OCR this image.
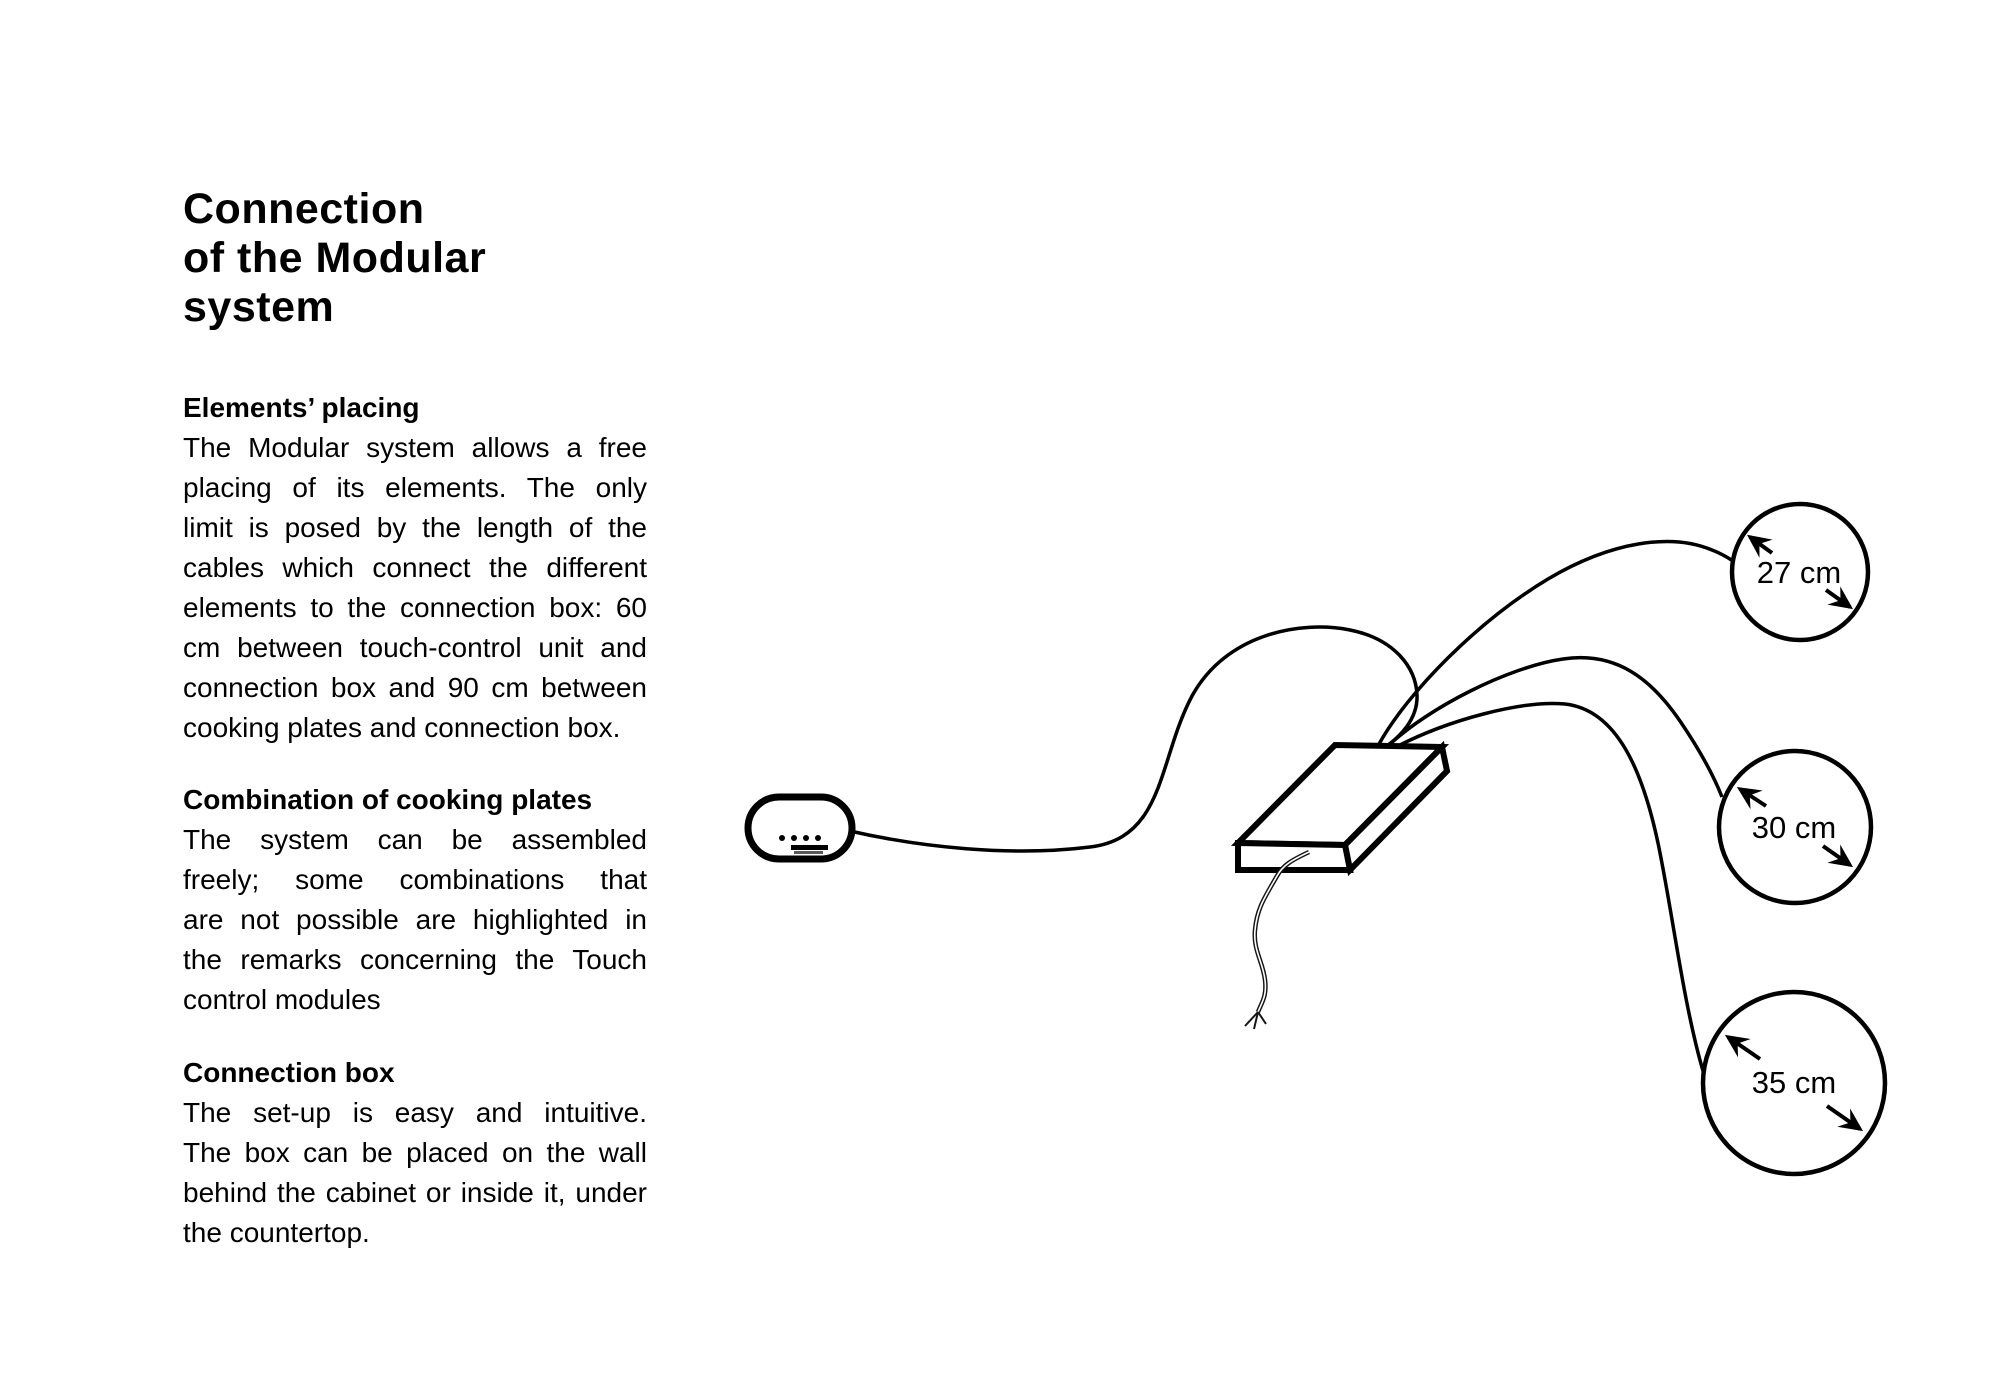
Connection
of the Modular system
Elements’ placing

The Modular system allows a free
placing of its elements. The only
limit is posed by the length of the
cables which connect the different
elements to the connection box: 60
cm between touch-control unit and
connection box and 90 cm between
cooking plates and connection box.

Combination of cooking plates

The system can be assembled
freely; some combinations that
are not possible are highlighted in
the remarks concerning the Touch
control modules

Connection box

The set-up is easy and intuitive.
The box can be placed on the wall
behind the cabinet or inside it, under
the countertop.

27 cm
30 cm
35 cm
